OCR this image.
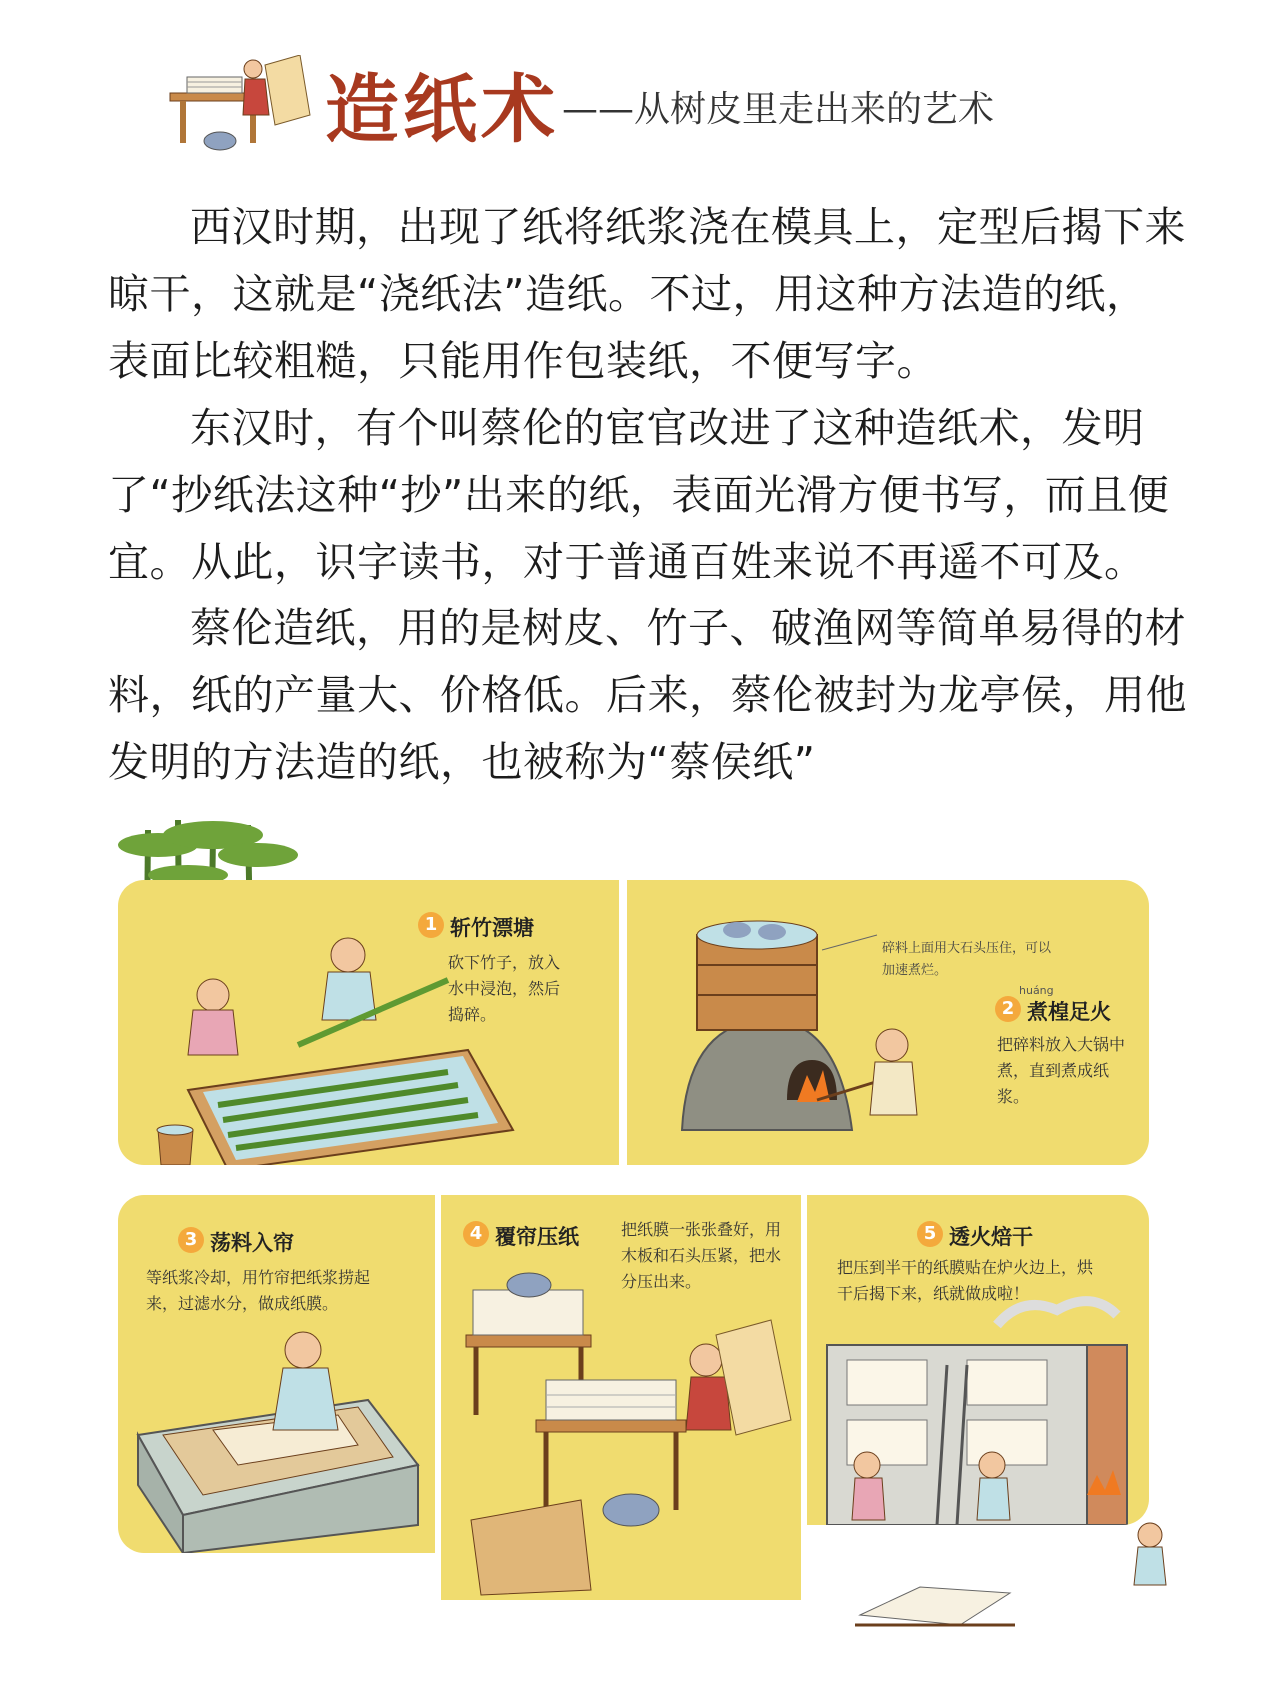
造纸术 ——从树皮里走出来的艺术

西汉时期，出现了纸将纸浆浇在模具上，定型后揭下来晾干，这就是“浇纸法”造纸。不过，用这种方法造的纸，表面比较粗糙，只能用作包装纸，不便写字。

东汉时，有个叫蔡伦的宦官改进了这种造纸术，发明了“抄纸法这种“抄”出来的纸，表面光滑方便书写，而且便宜。从此，识字读书，对于普通百姓来说不再遥不可及。

蔡伦造纸，用的是树皮、竹子、破渔网等简单易得的材料，纸的产量大、价格低。后来，蔡伦被封为龙亭侯，用他发明的方法造的纸，也被称为“蔡侯纸”

1 斩竹漂塘

砍下竹子，放入水中浸泡，然后捣碎。

碎料上面用大石头压住，可以加速煮烂。

huáng
2 煮楻足火

把碎料放入大锅中煮，直到煮成纸浆。

3 荡料入帘

等纸浆冷却，用竹帘把纸浆捞起来，过滤水分，做成纸膜。

4 覆帘压纸	把纸膜一张张叠好，用木板和石头压紧，把水分压出来。

5 透火焙干

把压到半干的纸膜贴在炉火边上，烘干后揭下来，纸就做成啦！
